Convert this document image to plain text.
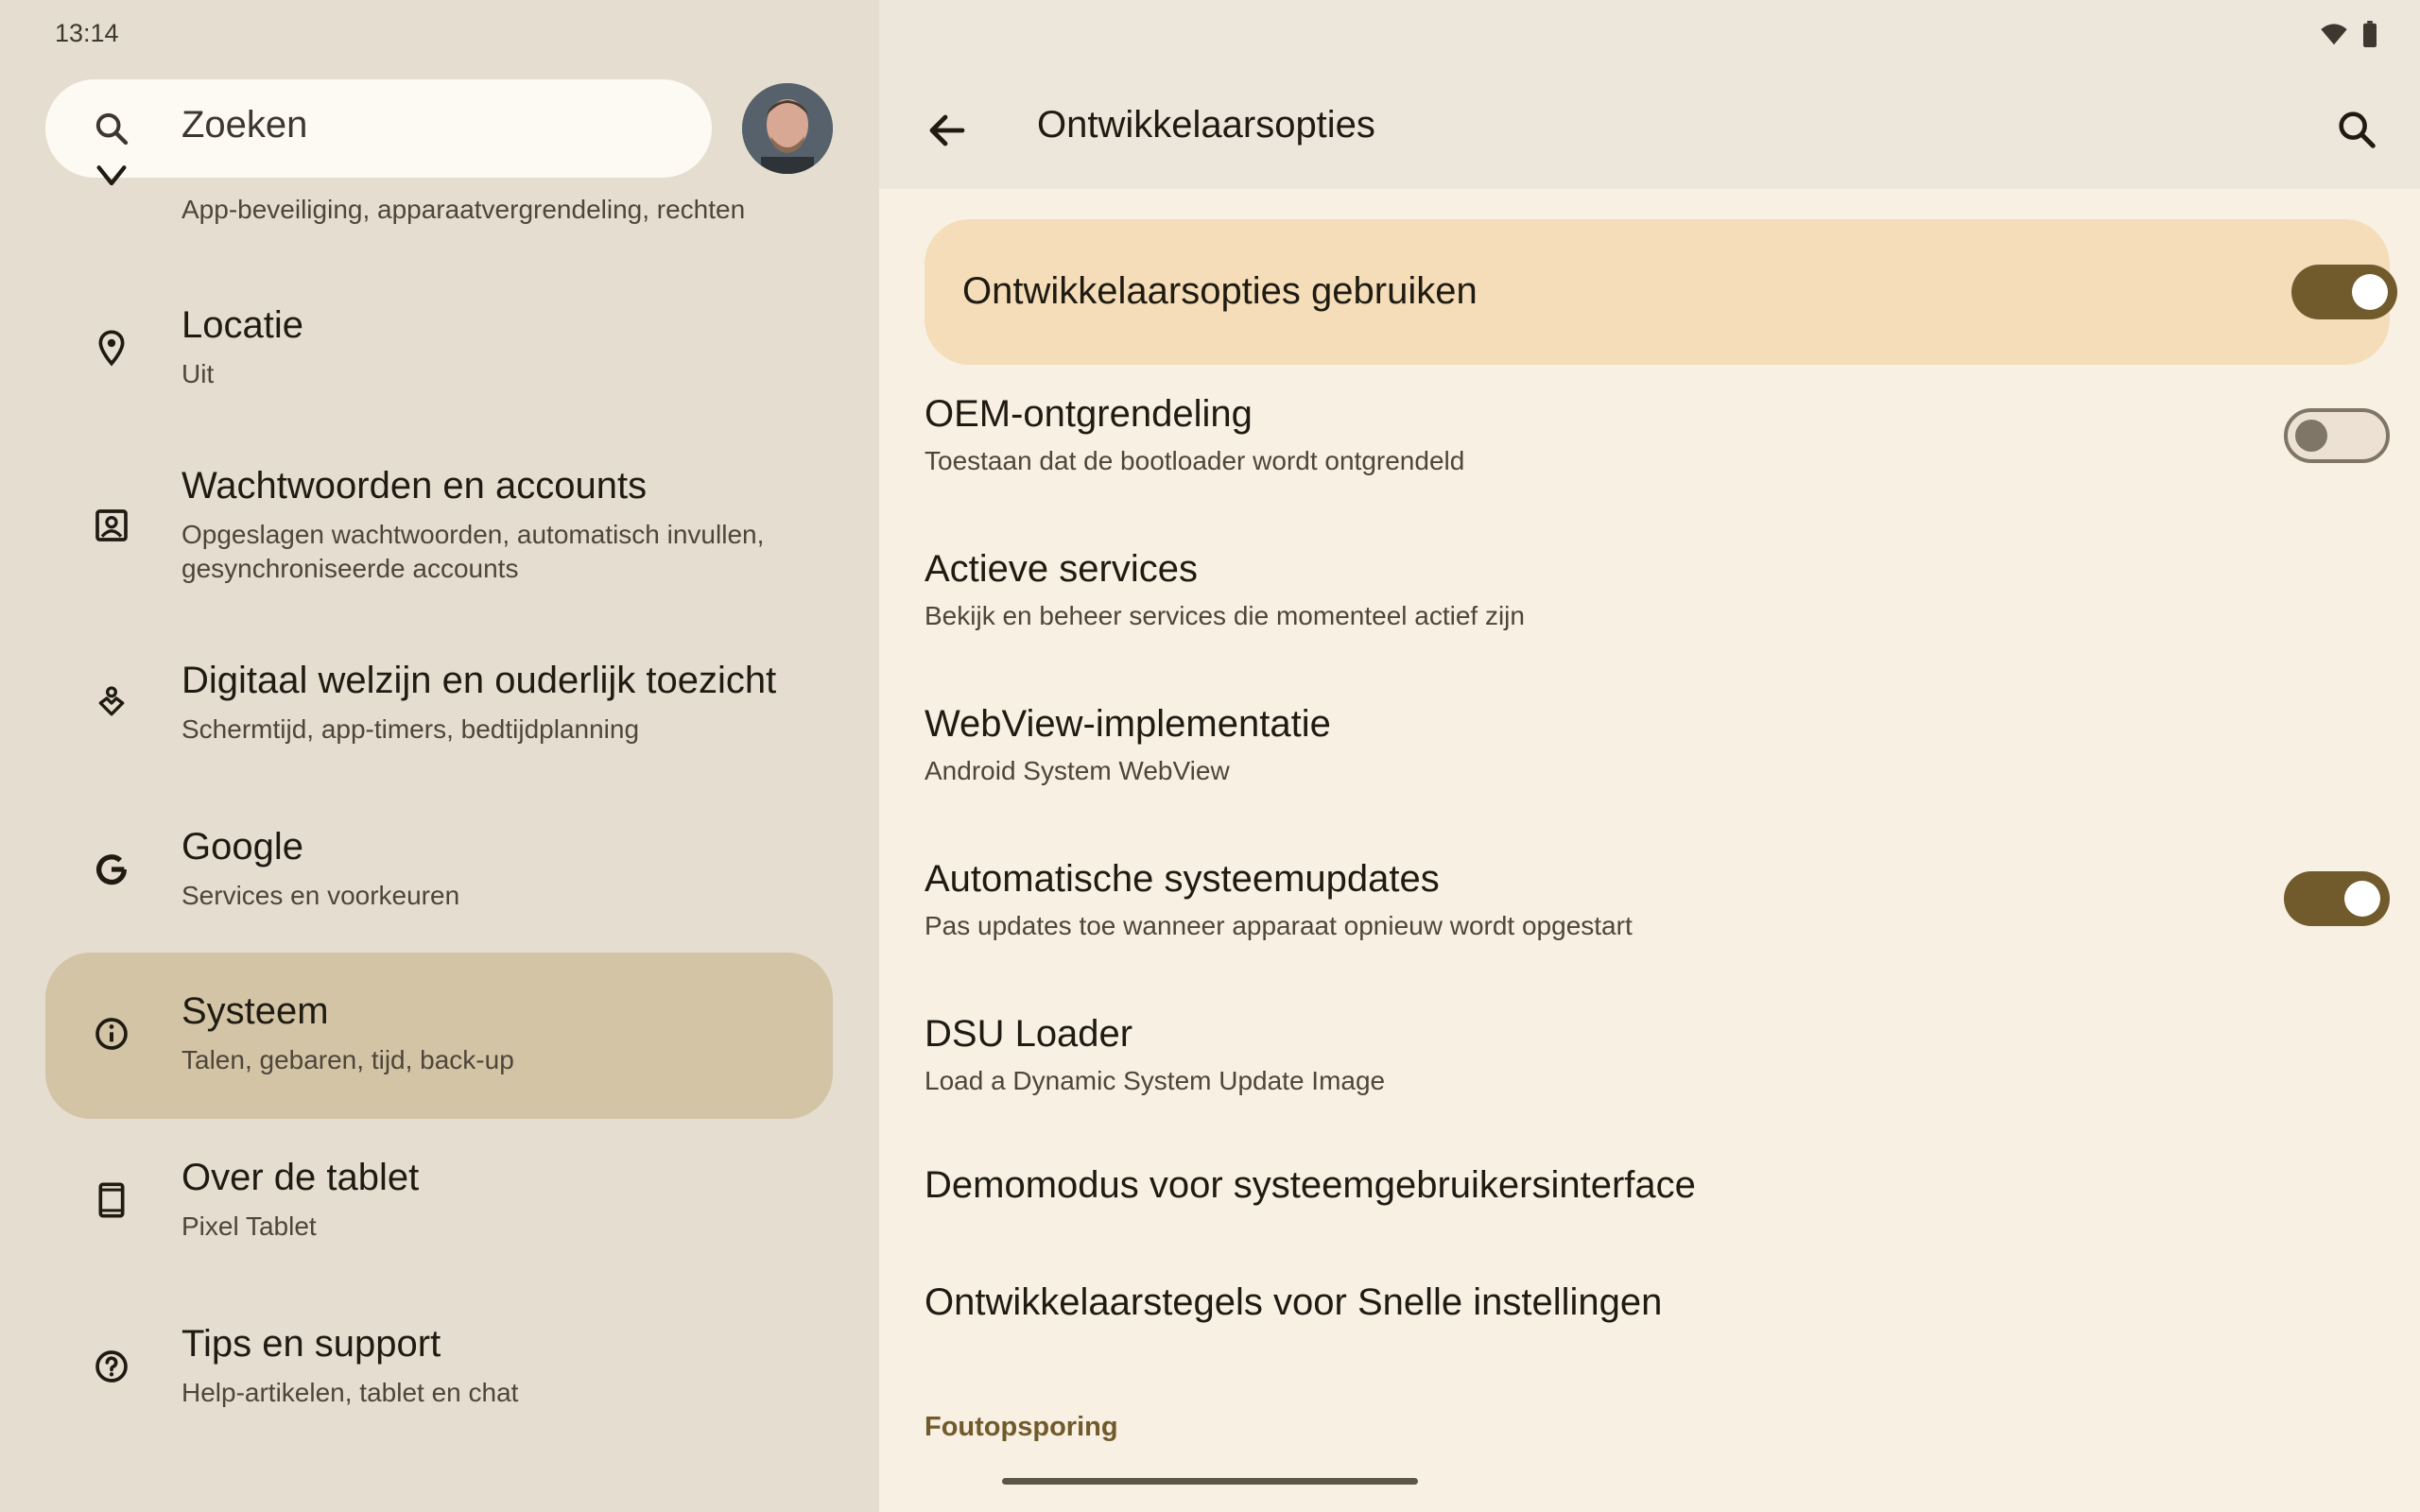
13:14
Zoeken
App-beveiliging, apparaatvergrendeling, rechten
Locatie
Uit
Wachtwoorden en accounts
Opgeslagen wachtwoorden, automatisch invullen, gesynchroniseerde accounts
Digitaal welzijn en ouderlijk toezicht
Schermtijd, app-timers, bedtijdplanning
Google
Services en voorkeuren
Systeem
Talen, gebaren, tijd, back-up
Over de tablet
Pixel Tablet
Tips en support
Help-artikelen, tablet en chat
Ontwikkelaarsopties
Ontwikkelaarsopties gebruiken
OEM-ontgrendeling
Toestaan dat de bootloader wordt ontgrendeld
Actieve services
Bekijk en beheer services die momenteel actief zijn
WebView-implementatie
Android System WebView
Automatische systeemupdates
Pas updates toe wanneer apparaat opnieuw wordt opgestart
DSU Loader
Load a Dynamic System Update Image
Demomodus voor systeemgebruikersinterface
Ontwikkelaarstegels voor Snelle instellingen
Foutopsporing
